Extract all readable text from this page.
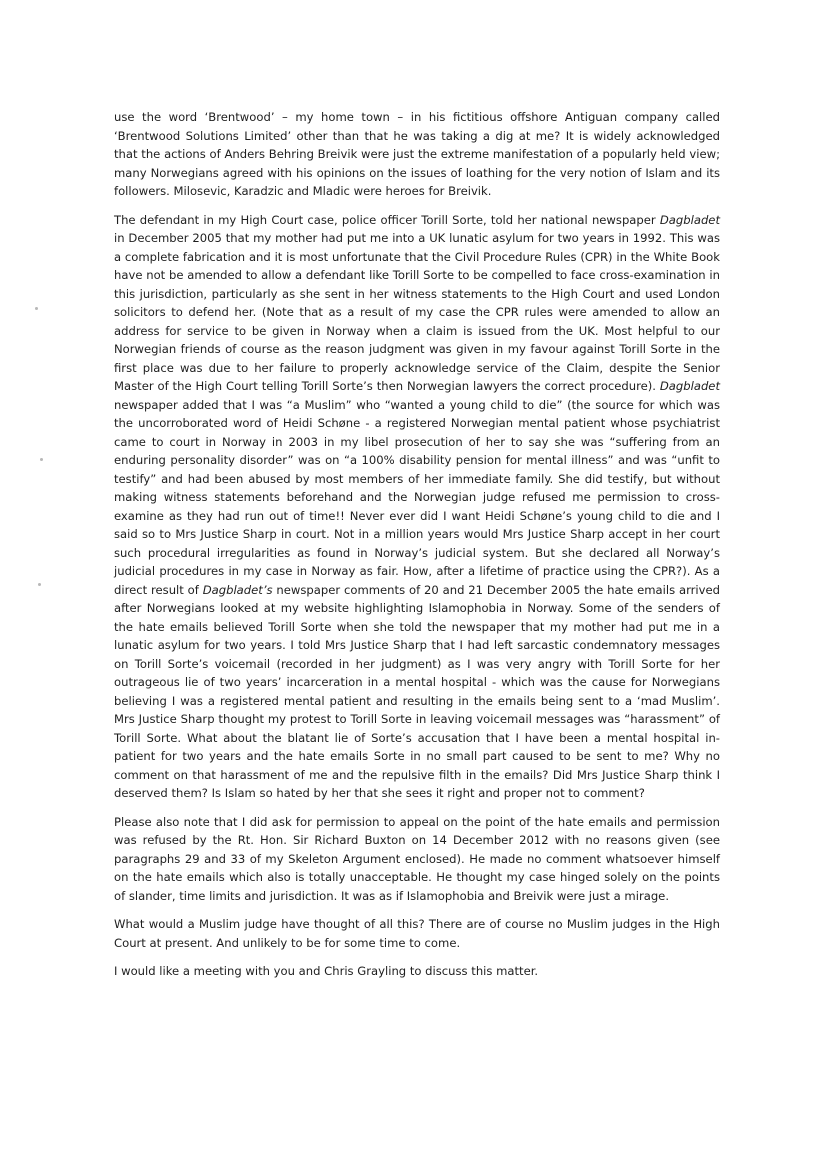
use the word ‘Brentwood’ – my home town – in his fictitious offshore Antiguan company called ‘Brentwood Solutions Limited’ other than that he was taking a dig at me? It is widely acknowledged that the actions of Anders Behring Breivik were just the extreme manifestation of a popularly held view; many Norwegians agreed with his opinions on the issues of loathing for the very notion of Islam and its followers. Milosevic, Karadzic and Mladic were heroes for Breivik.

The defendant in my High Court case, police officer Torill Sorte, told her national newspaper Dagbladet in December 2005 that my mother had put me into a UK lunatic asylum for two years in 1992. This was a complete fabrication and it is most unfortunate that the Civil Procedure Rules (CPR) in the White Book have not be amended to allow a defendant like Torill Sorte to be compelled to face cross-examination in this jurisdiction, particularly as she sent in her witness statements to the High Court and used London solicitors to defend her. (Note that as a result of my case the CPR rules were amended to allow an address for service to be given in Norway when a claim is issued from the UK. Most helpful to our Norwegian friends of course as the reason judgment was given in my favour against Torill Sorte in the first place was due to her failure to properly acknowledge service of the Claim, despite the Senior Master of the High Court telling Torill Sorte’s then Norwegian lawyers the correct procedure). Dagbladet newspaper added that I was “a Muslim” who “wanted a young child to die” (the source for which was the uncorroborated word of Heidi Schøne - a registered Norwegian mental patient whose psychiatrist came to court in Norway in 2003 in my libel prosecution of her to say she was “suffering from an enduring personality disorder” was on “a 100% disability pension for mental illness” and was “unfit to testify” and had been abused by most members of her immediate family. She did testify, but without making witness statements beforehand and the Norwegian judge refused me permission to cross-examine as they had run out of time!! Never ever did I want Heidi Schøne’s young child to die and I said so to Mrs Justice Sharp in court. Not in a million years would Mrs Justice Sharp accept in her court such procedural irregularities as found in Norway’s judicial system. But she declared all Norway’s judicial procedures in my case in Norway as fair. How, after a lifetime of practice using the CPR?). As a direct result of Dagbladet’s newspaper comments of 20 and 21 December 2005 the hate emails arrived after Norwegians looked at my website highlighting Islamophobia in Norway. Some of the senders of the hate emails believed Torill Sorte when she told the newspaper that my mother had put me in a lunatic asylum for two years. I told Mrs Justice Sharp that I had left sarcastic condemnatory messages on Torill Sorte’s voicemail (recorded in her judgment) as I was very angry with Torill Sorte for her outrageous lie of two years’ incarceration in a mental hospital - which was the cause for Norwegians believing I was a registered mental patient and resulting in the emails being sent to a ‘mad Muslim’. Mrs Justice Sharp thought my protest to Torill Sorte in leaving voicemail messages was “harassment” of Torill Sorte. What about the blatant lie of Sorte’s accusation that I have been a mental hospital in-patient for two years and the hate emails Sorte in no small part caused to be sent to me? Why no comment on that harassment of me and the repulsive filth in the emails? Did Mrs Justice Sharp think I deserved them? Is Islam so hated by her that she sees it right and proper not to comment?

Please also note that I did ask for permission to appeal on the point of the hate emails and permission was refused by the Rt. Hon. Sir Richard Buxton on 14 December 2012 with no reasons given (see paragraphs 29 and 33 of my Skeleton Argument enclosed). He made no comment whatsoever himself on the hate emails which also is totally unacceptable. He thought my case hinged solely on the points of slander, time limits and jurisdiction. It was as if Islamophobia and Breivik were just a mirage.

What would a Muslim judge have thought of all this? There are of course no Muslim judges in the High Court at present. And unlikely to be for some time to come.

I would like a meeting with you and Chris Grayling to discuss this matter.
